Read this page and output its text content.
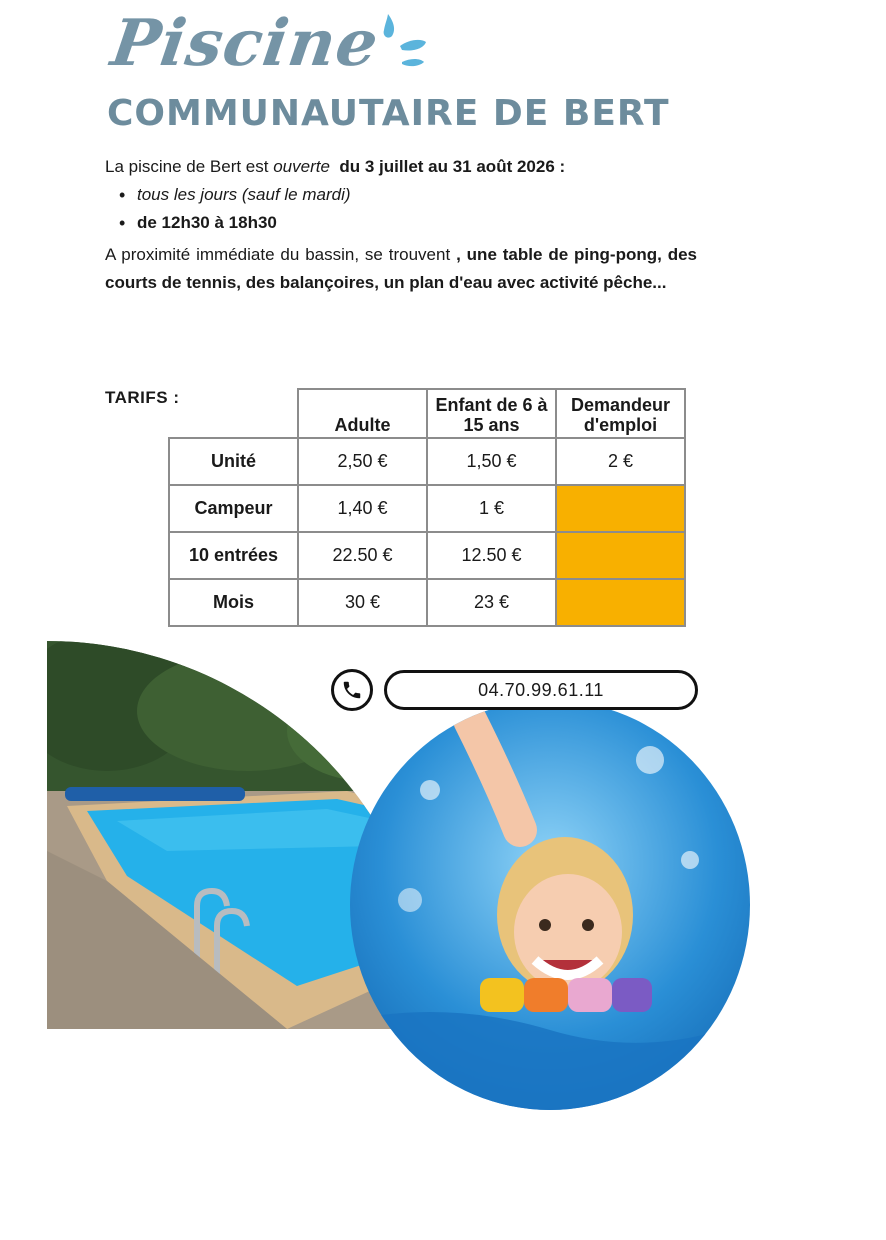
Piscine
COMMUNAUTAIRE DE BERT

La piscine de Bert est ouverte du 3 juillet au 31 août 2026 :

• tous les jours (sauf le mardi)
• de 12h30 à 18h30

A proximité immédiate du bassin, se trouvent , une table de ping-pong, des courts de tennis, des balançoires, un plan d'eau avec activité pêche...

TARIFS :
	Adulte	Enfant de 6 à 15 ans	Demandeur d'emploi
Unité	2,50 €	1,50 €	2 €
Campeur	1,40 €	1 €	
10 entrées	22.50 €	12.50 €	
Mois	30 €	23 €	
04.70.99.61.11
